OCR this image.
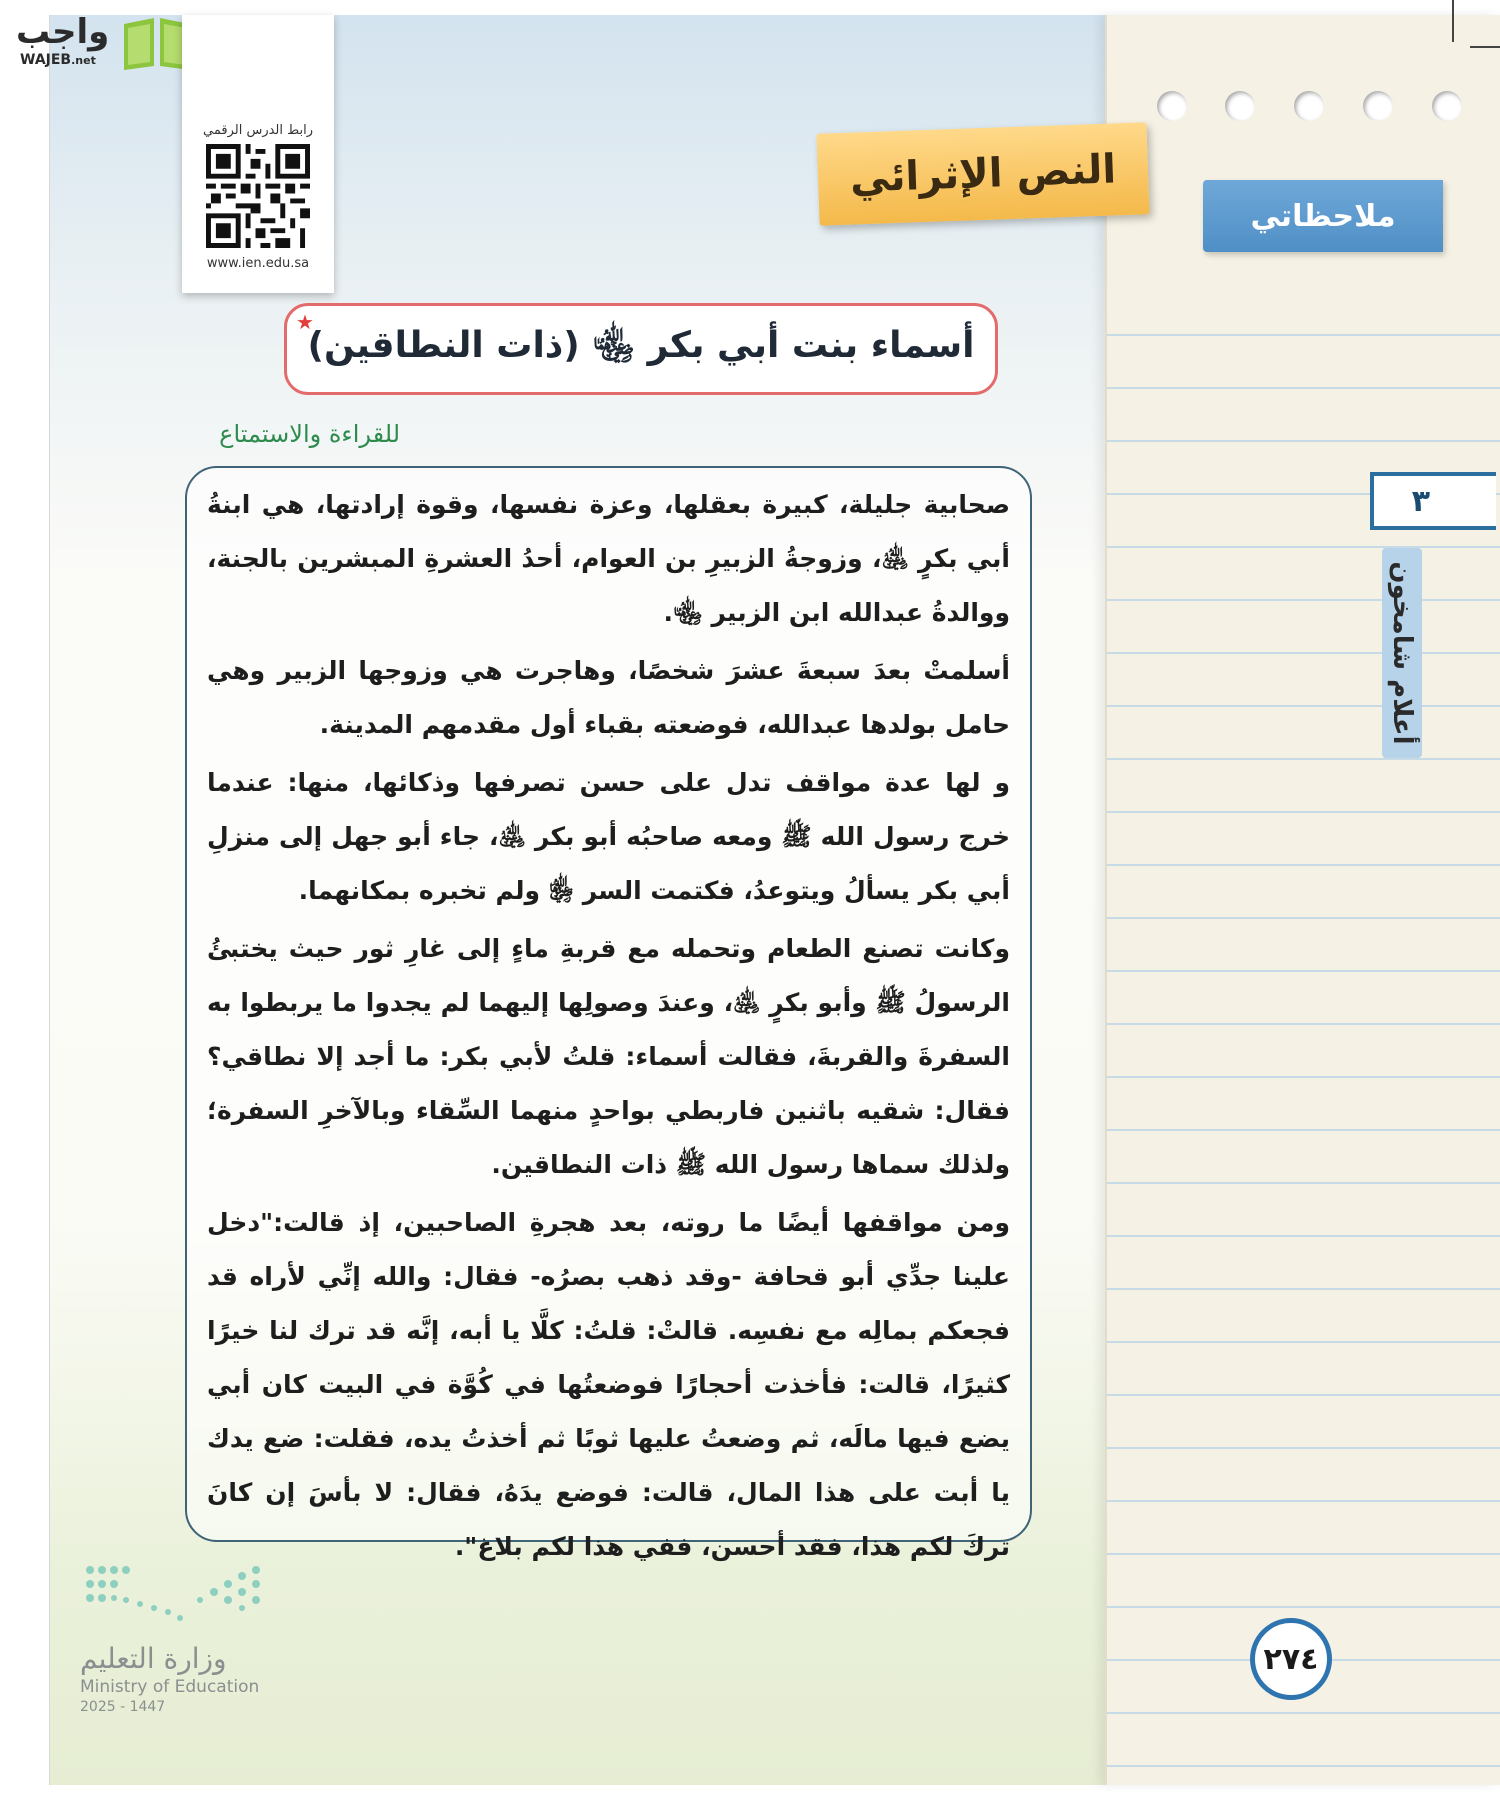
ملاحظاتي
٣
أعلام شامخون
٢٧٤
واجب
WAJEB.net
رابط الدرس الرقمي
www.ien.edu.sa
النص الإثرائي
أسماء بنت أبي بكر ﵄ (ذات النطاقين)
★
للقراءة والاستمتاع

صحابية جليلة، كبيرة بعقلها، وعزة نفسها، وقوة إرادتها، هي ابنةُ أبي بكرٍ ﵁، وزوجةُ الزبيرِ بن العوام، أحدُ العشرةِ المبشرين بالجنة، ووالدةُ عبدالله ابن الزبير ﵄.

أسلمتْ بعدَ سبعةَ عشرَ شخصًا، وهاجرت هي وزوجها الزبير وهي حامل بولدها عبدالله، فوضعته بقباء أول مقدمهم المدينة.

و لها عدة مواقف تدل على حسن تصرفها وذكائها، منها: عندما خرج رسول الله ﷺ ومعه صاحبُه أبو بكر ﵁، جاء أبو جهل إلى منزلِ أبي بكر يسألُ ويتوعدُ، فكتمت السر ﵂ ولم تخبره بمكانهما.

وكانت تصنع الطعام وتحمله مع قربةِ ماءٍ إلى غارِ ثور حيث يختبئُ الرسولُ ﷺ وأبو بكرٍ ﵁، وعندَ وصولِها إليهما لم يجدوا ما يربطوا به السفرةَ والقربةَ، فقالت أسماء: قلتُ لأبي بكر: ما أجد إلا نطاقي؟ فقال: شقيه باثنين فاربطي بواحدٍ منهما السِّقاء وبالآخرِ السفرة؛ ولذلك سماها رسول الله ﷺ ذات النطاقين.

ومن مواقفها أيضًا ما روته، بعد هجرةِ الصاحبين، إذ قالت:"دخل علينا جدِّي أبو قحافة -وقد ذهب بصرُه- فقال: والله إنِّي لأراه قد فجعكم بمالِه مع نفسِه. قالتْ: قلتُ: كلَّا يا أبه، إنَّه قد ترك لنا خيرًا كثيرًا، قالت: فأخذت أحجارًا فوضعتُها في كُوَّة في البيت كان أبي يضع فيها مالَه، ثم وضعتُ عليها ثوبًا ثم أخذتُ يده، فقلت: ضع يدك يا أبت على هذا المال، قالت: فوضع يدَهُ، فقال: لا بأسَ إن كانَ تركَ لكم هذا، فقد أحسن، ففي هذا لكم بلاغ".

وزارة التعليم
Ministry of Education
2025 - 1447
